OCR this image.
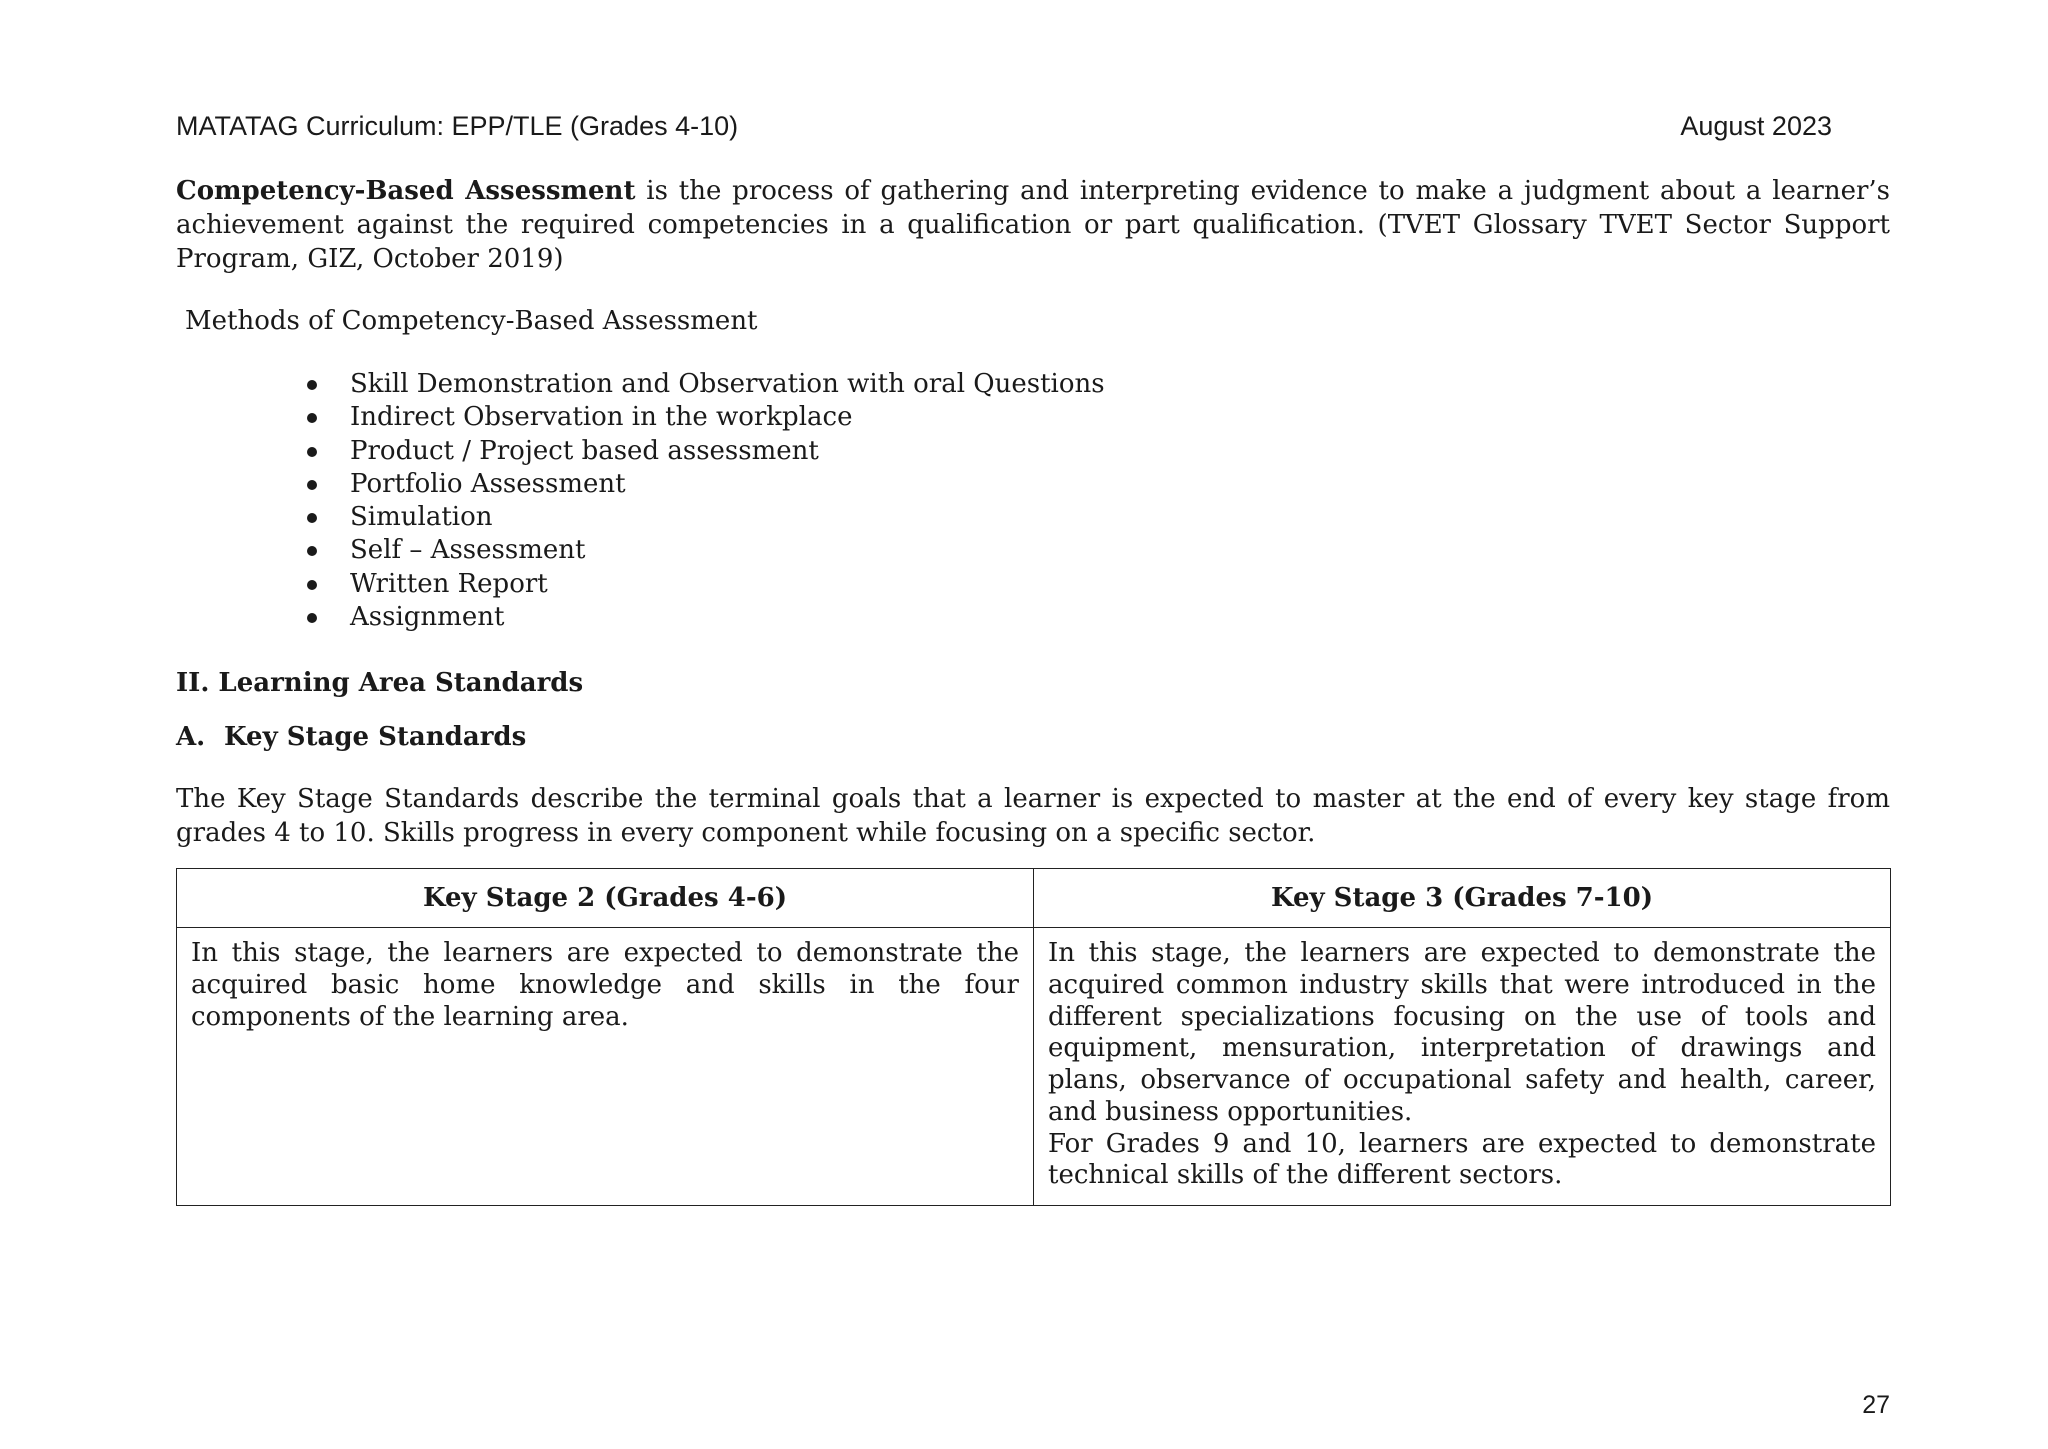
MATATAG Curriculum: EPP/TLE (Grades 4-10)	August 2023

Competency-Based Assessment is the process of gathering and interpreting evidence to make a judgment about a learner’s achievement against the required competencies in a qualification or part qualification. (TVET Glossary TVET Sector Support Program, GIZ, October 2019)

Methods of Competency-Based Assessment

Skill Demonstration and Observation with oral Questions
Indirect Observation in the workplace
Product / Project based assessment
Portfolio Assessment
Simulation
Self – Assessment
Written Report
Assignment

II. Learning Area Standards

A. Key Stage Standards

The Key Stage Standards describe the terminal goals that a learner is expected to master at the end of every key stage from grades 4 to 10. Skills progress in every component while focusing on a specific sector.

Key Stage 2 (Grades 4-6)	Key Stage 3 (Grades 7-10)
In this stage, the learners are expected to demonstrate the acquired basic home knowledge and skills in the four components of the learning area.	In this stage, the learners are expected to demonstrate the acquired common industry skills that were introduced in the different specializations focusing on the use of tools and equipment, mensuration, interpretation of drawings and plans, observance of occupational safety and health, career, and business opportunities.
For Grades 9 and 10, learners are expected to demonstrate technical skills of the different sectors.
27
